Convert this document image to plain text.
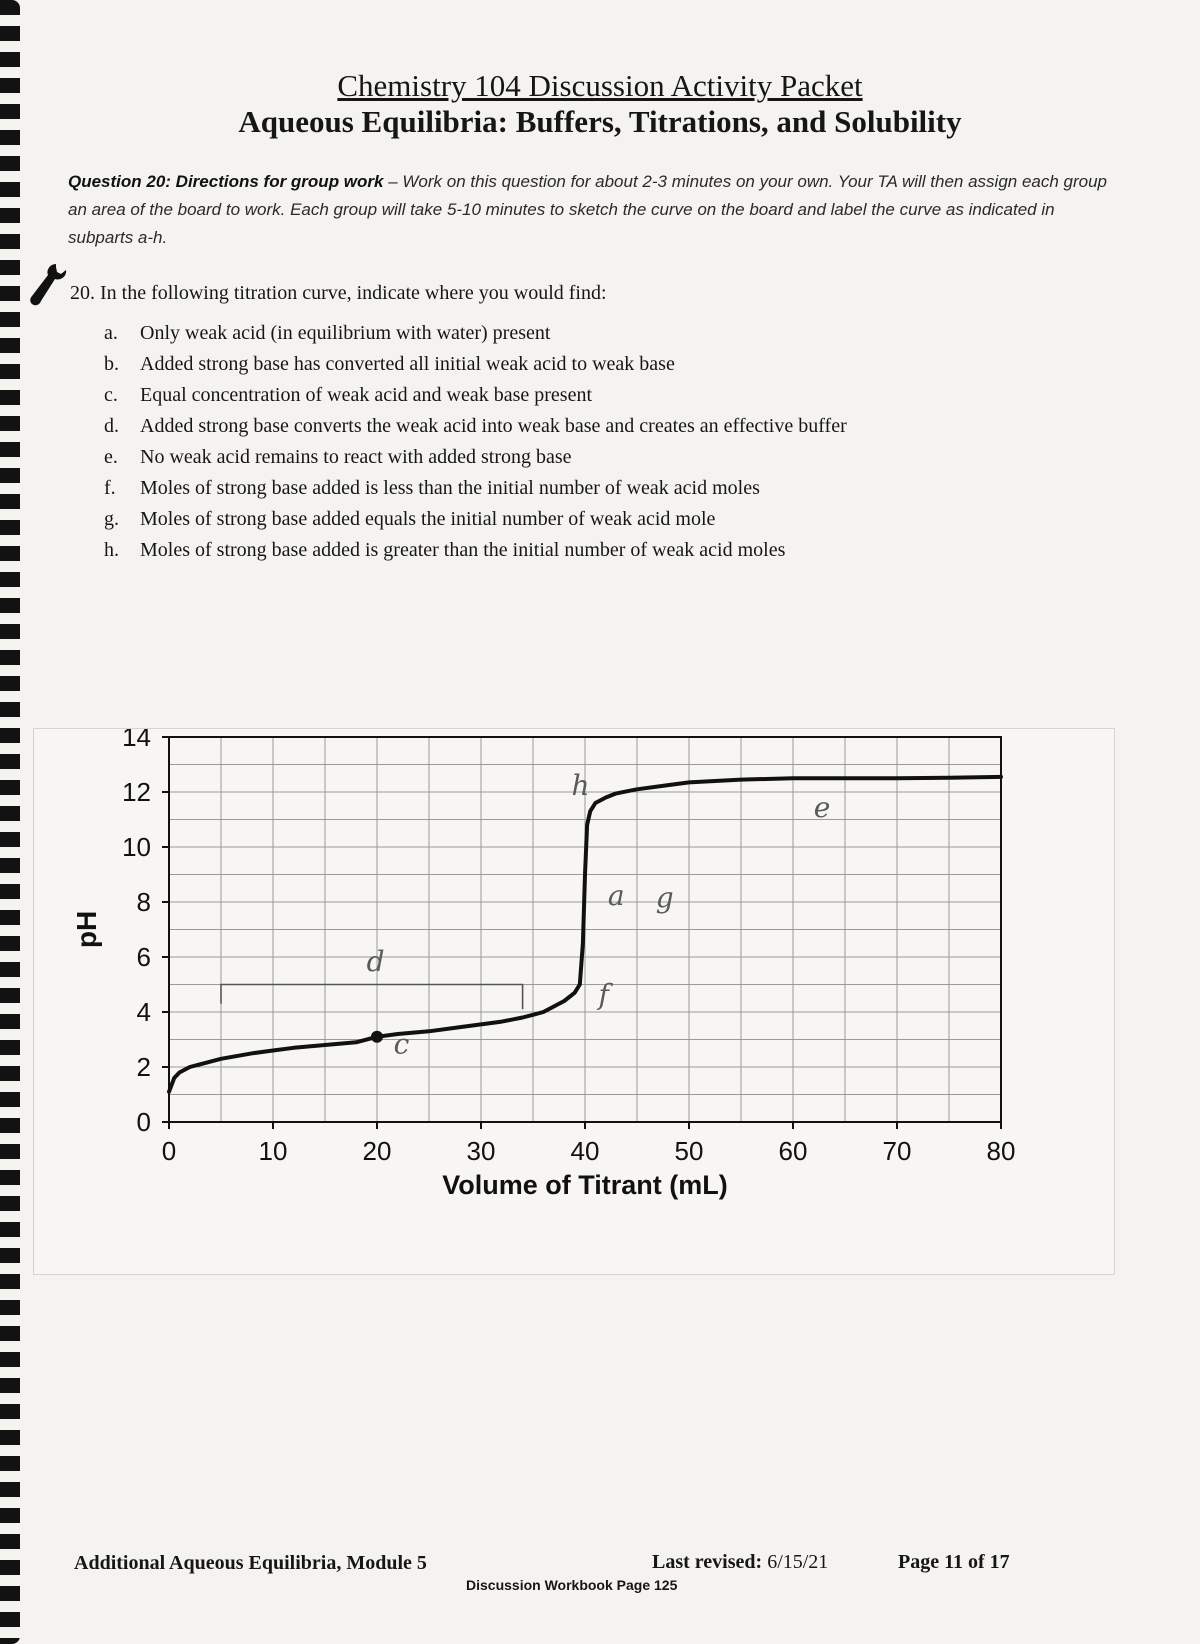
Chemistry 104 Discussion Activity Packet
Aqueous Equilibria: Buffers, Titrations, and Solubility
Question 20: Directions for group work – Work on this question for about 2-3 minutes on your own. Your TA will then assign each group an area of the board to work. Each group will take 5-10 minutes to sketch the curve on the board and label the curve as indicated in subparts a-h.
20. In the following titration curve, indicate where you would find:
a.	Only weak acid (in equilibrium with water) present
b.	Added strong base has converted all initial weak acid to weak base
c.	Equal concentration of weak acid and weak base present
d.	Added strong base converts the weak acid into weak base and creates an effective buffer
e.	No weak acid remains to react with added strong base
f.	Moles of strong base added is less than the initial number of weak acid moles
g.	Moles of strong base added equals the initial number of weak acid mole
h.	Moles of strong base added is greater than the initial number of weak acid moles
0	10	20	30	40	50	60	70	80
0
2
4
6
8
10
12
14
Volume of Titrant (mL)
pH
h
e
a g
d
f
c
Additional Aqueous Equilibria, Module 5	Last revised: 6/15/21	Page 11 of 17
Discussion Workbook Page 125
